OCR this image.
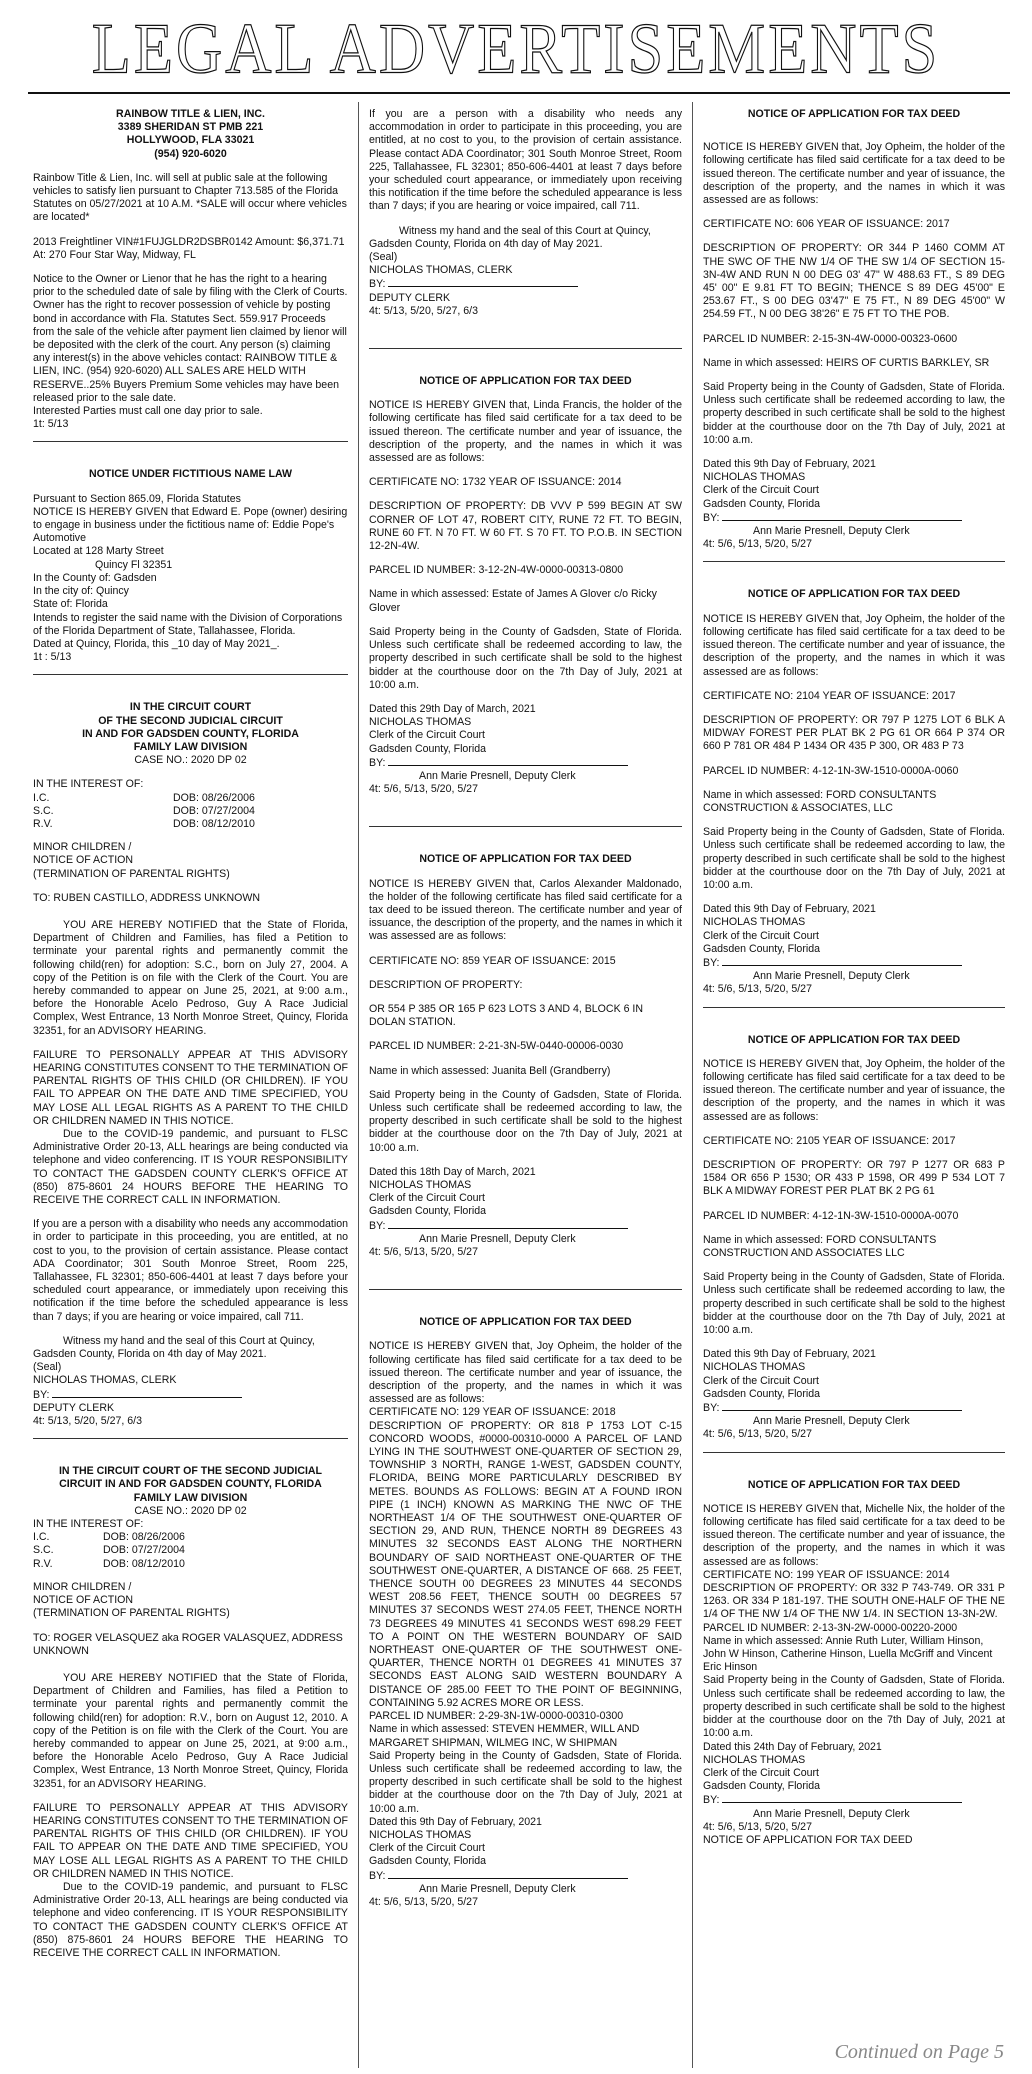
LEGAL ADVERTISEMENTS
RAINBOW TITLE & LIEN, INC.
3389 SHERIDAN ST PMB 221
HOLLYWOOD, FLA 33021
(954) 920-6020

Rainbow Title & Lien, Inc. will sell at public sale at the following vehicles to satisfy lien pursuant to Chapter 713.585 of the Florida Statutes on 05/27/2021 at 10 A.M. *SALE will occur where vehicles are located*

2013 Freightliner VIN#1FUJGLDR2DSBR0142 Amount: $6,371.71

At: 270 Four Star Way, Midway, FL

Notice to the Owner or Lienor that he has the right to a hearing prior to the scheduled date of sale by filing with the Clerk of Courts. Owner has the right to recover possession of vehicle by posting bond in accordance with Fla. Statutes Sect. 559.917 Proceeds from the sale of the vehicle after payment lien claimed by lienor will be deposited with the clerk of the court. Any person (s) claiming any interest(s) in the above vehicles contact: RAINBOW TITLE & LIEN, INC. (954) 920-6020) ALL SALES ARE HELD WITH RESERVE..25% Buyers Premium Some vehicles may have been released prior to the sale date.
Interested Parties must call one day prior to sale.
1t: 5/13
NOTICE UNDER FICTITIOUS NAME LAW
Pursuant to Section 865.09, Florida Statutes
NOTICE IS HEREBY GIVEN that Edward E. Pope (owner) desiring to engage in business under the fictitious name of: Eddie Pope's Automotive
Located at 128 Marty Street
Quincy Fl 32351
In the County of: Gadsden
In the city of: Quincy
State of: Florida
Intends to register the said name with the Division of Corporations of the Florida Department of State, Tallahassee, Florida.
Dated at Quincy, Florida, this _10 day of May 2021_.
1t : 5/13
IN THE CIRCUIT COURT
OF THE SECOND JUDICIAL CIRCUIT
IN AND FOR GADSDEN COUNTY, FLORIDA
FAMILY LAW DIVISION

CASE NO.: 2020 DP 02

IN THE INTEREST OF:
I.C.	DOB: 08/26/2006
S.C.	DOB: 07/27/2004
R.V.	DOB: 08/12/2010
MINOR CHILDREN /
NOTICE OF ACTION

(TERMINATION OF PARENTAL RIGHTS)

TO: RUBEN CASTILLO, ADDRESS UNKNOWN

YOU ARE HEREBY NOTIFIED that the State of Florida, Department of Children and Families, has filed a Petition to terminate your parental rights and permanently commit the following child(ren) for adoption: S.C., born on July 27, 2004. A copy of the Petition is on file with the Clerk of the Court. You are hereby commanded to appear on June 25, 2021, at 9:00 a.m., before the Honorable Acelo Pedroso, Guy A Race Judicial Complex, West Entrance, 13 North Monroe Street, Quincy, Florida 32351, for an ADVISORY HEARING.

FAILURE TO PERSONALLY APPEAR AT THIS ADVISORY HEARING CONSTITUTES CONSENT TO THE TERMINATION OF PARENTAL RIGHTS OF THIS CHILD (OR CHILDREN). IF YOU FAIL TO APPEAR ON THE DATE AND TIME SPECIFIED, YOU MAY LOSE ALL LEGAL RIGHTS AS A PARENT TO THE CHILD OR CHILDREN NAMED IN THIS NOTICE.

Due to the COVID-19 pandemic, and pursuant to FLSC Administrative Order 20-13, ALL hearings are being conducted via telephone and video conferencing. IT IS YOUR RESPONSIBILITY TO CONTACT THE GADSDEN COUNTY CLERK'S OFFICE AT (850) 875-8601 24 HOURS BEFORE THE HEARING TO RECEIVE THE CORRECT CALL IN INFORMATION.

If you are a person with a disability who needs any accommodation in order to participate in this proceeding, you are entitled, at no cost to you, to the provision of certain assistance. Please contact ADA Coordinator; 301 South Monroe Street, Room 225, Tallahassee, FL 32301; 850-606-4401 at least 7 days before your scheduled court appearance, or immediately upon receiving this notification if the time before the scheduled appearance is less than 7 days; if you are hearing or voice impaired, call 711.

Witness my hand and the seal of this Court at Quincy, Gadsden County, Florida on 4th day of May 2021.
(Seal)
NICHOLAS THOMAS, CLERK
BY:
DEPUTY CLERK
4t: 5/13, 5/20, 5/27, 6/3
IN THE CIRCUIT COURT OF THE SECOND JUDICIAL
CIRCUIT IN AND FOR GADSDEN COUNTY, FLORIDA
FAMILY LAW DIVISION
CASE NO.: 2020 DP 02
IN THE INTEREST OF:
I.C.	DOB: 08/26/2006
S.C.	DOB: 07/27/2004
R.V.	DOB: 08/12/2010
MINOR CHILDREN /
NOTICE OF ACTION

(TERMINATION OF PARENTAL RIGHTS)

TO: ROGER VELASQUEZ aka ROGER VALASQUEZ, ADDRESS UNKNOWN

YOU ARE HEREBY NOTIFIED that the State of Florida, Department of Children and Families, has filed a Petition to terminate your parental rights and permanently commit the following child(ren) for adoption: R.V., born on August 12, 2010. A copy of the Petition is on file with the Clerk of the Court. You are hereby commanded to appear on June 25, 2021, at 9:00 a.m., before the Honorable Acelo Pedroso, Guy A Race Judicial Complex, West Entrance, 13 North Monroe Street, Quincy, Florida 32351, for an ADVISORY HEARING.

FAILURE TO PERSONALLY APPEAR AT THIS ADVISORY HEARING CONSTITUTES CONSENT TO THE TERMINATION OF PARENTAL RIGHTS OF THIS CHILD (OR CHILDREN). IF YOU FAIL TO APPEAR ON THE DATE AND TIME SPECIFIED, YOU MAY LOSE ALL LEGAL RIGHTS AS A PARENT TO THE CHILD OR CHILDREN NAMED IN THIS NOTICE.

Due to the COVID-19 pandemic, and pursuant to FLSC Administrative Order 20-13, ALL hearings are being conducted via telephone and video conferencing. IT IS YOUR RESPONSIBILITY TO CONTACT THE GADSDEN COUNTY CLERK'S OFFICE AT (850) 875-8601 24 HOURS BEFORE THE HEARING TO RECEIVE THE CORRECT CALL IN INFORMATION.

If you are a person with a disability who needs any accommodation in order to participate in this proceeding, you are entitled, at no cost to you, to the provision of certain assistance. Please contact ADA Coordinator; 301 South Monroe Street, Room 225, Tallahassee, FL 32301; 850-606-4401 at least 7 days before your scheduled court appearance, or immediately upon receiving this notification if the time before the scheduled appearance is less than 7 days; if you are hearing or voice impaired, call 711.

Witness my hand and the seal of this Court at Quincy, Gadsden County, Florida on 4th day of May 2021.
(Seal)
NICHOLAS THOMAS, CLERK
BY:
DEPUTY CLERK
4t: 5/13, 5/20, 5/27, 6/3
NOTICE OF APPLICATION FOR TAX DEED

NOTICE IS HEREBY GIVEN that, Linda Francis, the holder of the following certificate has filed said certificate for a tax deed to be issued thereon. The certificate number and year of issuance, the description of the property, and the names in which it was assessed are as follows:

CERTIFICATE NO: 1732 YEAR OF ISSUANCE: 2014

DESCRIPTION OF PROPERTY: DB VVV P 599 BEGIN AT SW CORNER OF LOT 47, ROBERT CITY, RUNE 72 FT. TO BEGIN, RUNE 60 FT. N 70 FT. W 60 FT. S 70 FT. TO P.O.B. IN SECTION 12-2N-4W.

PARCEL ID NUMBER: 3-12-2N-4W-0000-00313-0800

Name in which assessed: Estate of James A Glover c/o Ricky Glover

Said Property being in the County of Gadsden, State of Florida. Unless such certificate shall be redeemed according to law, the property described in such certificate shall be sold to the highest bidder at the courthouse door on the 7th Day of July, 2021 at 10:00 a.m.

Dated this 29th Day of March, 2021
NICHOLAS THOMAS
Clerk of the Circuit Court
Gadsden County, Florida
BY:
Ann Marie Presnell, Deputy Clerk
4t: 5/6, 5/13, 5/20, 5/27
NOTICE OF APPLICATION FOR TAX DEED

NOTICE IS HEREBY GIVEN that, Carlos Alexander Maldonado, the holder of the following certificate has filed said certificate for a tax deed to be issued thereon. The certificate number and year of issuance, the description of the property, and the names in which it was assessed are as follows:

CERTIFICATE NO: 859 YEAR OF ISSUANCE: 2015

DESCRIPTION OF PROPERTY:

OR 554 P 385 OR 165 P 623 LOTS 3 AND 4, BLOCK 6 IN DOLAN STATION.

PARCEL ID NUMBER: 2-21-3N-5W-0440-00006-0030

Name in which assessed: Juanita Bell (Grandberry)

Said Property being in the County of Gadsden, State of Florida. Unless such certificate shall be redeemed according to law, the property described in such certificate shall be sold to the highest bidder at the courthouse door on the 7th Day of July, 2021 at 10:00 a.m.

Dated this 18th Day of March, 2021
NICHOLAS THOMAS
Clerk of the Circuit Court
Gadsden County, Florida
BY:
Ann Marie Presnell, Deputy Clerk
4t: 5/6, 5/13, 5/20, 5/27
NOTICE OF APPLICATION FOR TAX DEED
NOTICE IS HEREBY GIVEN that, Joy Opheim, the holder of the following certificate has filed said certificate for a tax deed to be issued thereon. The certificate number and year of issuance, the description of the property, and the names in which it was assessed are as follows:
CERTIFICATE NO: 129 YEAR OF ISSUANCE: 2018
DESCRIPTION OF PROPERTY: OR 818 P 1753 LOT C-15 CONCORD WOODS, #0000-00310-0000 A PARCEL OF LAND LYING IN THE SOUTHWEST ONE-QUARTER OF SECTION 29, TOWNSHIP 3 NORTH, RANGE 1-WEST, GADSDEN COUNTY, FLORIDA, BEING MORE PARTICULARLY DESCRIBED BY METES. BOUNDS AS FOLLOWS: BEGIN AT A FOUND IRON PIPE (1 INCH) KNOWN AS MARKING THE NWC OF THE NORTHEAST 1/4 OF THE SOUTHWEST ONE-QUARTER OF SECTION 29, AND RUN, THENCE NORTH 89 DEGREES 43 MINUTES 32 SECONDS EAST ALONG THE NORTHERN BOUNDARY OF SAID NORTHEAST ONE-QUARTER OF THE SOUTHWEST ONE-QUARTER, A DISTANCE OF 668. 25 FEET, THENCE SOUTH 00 DEGREES 23 MINUTES 44 SECONDS WEST 208.56 FEET, THENCE SOUTH 00 DEGREES 57 MINUTES 37 SECONDS WEST 274.05 FEET, THENCE NORTH 73 DEGREES 49 MINUTES 41 SECONDS WEST 698.29 FEET TO A POINT ON THE WESTERN BOUNDARY OF SAID NORTHEAST ONE-QUARTER OF THE SOUTHWEST ONE-QUARTER, THENCE NORTH 01 DEGREES 41 MINUTES 37 SECONDS EAST ALONG SAID WESTERN BOUNDARY A DISTANCE OF 285.00 FEET TO THE POINT OF BEGINNING, CONTAINING 5.92 ACRES MORE OR LESS.
PARCEL ID NUMBER: 2-29-3N-1W-0000-00310-0300
Name in which assessed: STEVEN HEMMER, WILL AND MARGARET SHIPMAN, WILMEG INC, W SHIPMAN
Said Property being in the County of Gadsden, State of Florida. Unless such certificate shall be redeemed according to law, the property described in such certificate shall be sold to the highest bidder at the courthouse door on the 7th Day of July, 2021 at 10:00 a.m.
Dated this 9th Day of February, 2021
NICHOLAS THOMAS
Clerk of the Circuit Court
Gadsden County, Florida
BY:
Ann Marie Presnell, Deputy Clerk
4t: 5/6, 5/13, 5/20, 5/27
NOTICE OF APPLICATION FOR TAX DEED

NOTICE IS HEREBY GIVEN that, Joy Opheim, the holder of the following certificate has filed said certificate for a tax deed to be issued thereon. The certificate number and year of issuance, the description of the property, and the names in which it was assessed are as follows:

CERTIFICATE NO: 606 YEAR OF ISSUANCE: 2017

DESCRIPTION OF PROPERTY: OR 344 P 1460 COMM AT THE SWC OF THE NW 1/4 OF THE SW 1/4 OF SECTION 15-3N-4W AND RUN N 00 DEG 03' 47" W 488.63 FT., S 89 DEG 45' 00" E 9.81 FT TO BEGIN; THENCE S 89 DEG 45'00" E 253.67 FT., S 00 DEG 03'47" E 75 FT., N 89 DEG 45'00" W 254.59 FT., N 00 DEG 38'26" E 75 FT TO THE POB.

PARCEL ID NUMBER: 2-15-3N-4W-0000-00323-0600

Name in which assessed: HEIRS OF CURTIS BARKLEY, SR

Said Property being in the County of Gadsden, State of Florida. Unless such certificate shall be redeemed according to law, the property described in such certificate shall be sold to the highest bidder at the courthouse door on the 7th Day of July, 2021 at 10:00 a.m.

Dated this 9th Day of February, 2021
NICHOLAS THOMAS
Clerk of the Circuit Court
Gadsden County, Florida
BY:
Ann Marie Presnell, Deputy Clerk
4t: 5/6, 5/13, 5/20, 5/27
NOTICE OF APPLICATION FOR TAX DEED

NOTICE IS HEREBY GIVEN that, Joy Opheim, the holder of the following certificate has filed said certificate for a tax deed to be issued thereon. The certificate number and year of issuance, the description of the property, and the names in which it was assessed are as follows:

CERTIFICATE NO: 2104 YEAR OF ISSUANCE: 2017

DESCRIPTION OF PROPERTY: OR 797 P 1275 LOT 6 BLK A MIDWAY FOREST PER PLAT BK 2 PG 61 OR 664 P 374 OR 660 P 781 OR 484 P 1434 OR 435 P 300, OR 483 P 73

PARCEL ID NUMBER: 4-12-1N-3W-1510-0000A-0060

Name in which assessed: FORD CONSULTANTS CONSTRUCTION & ASSOCIATES, LLC

Said Property being in the County of Gadsden, State of Florida. Unless such certificate shall be redeemed according to law, the property described in such certificate shall be sold to the highest bidder at the courthouse door on the 7th Day of July, 2021 at 10:00 a.m.

Dated this 9th Day of February, 2021
NICHOLAS THOMAS
Clerk of the Circuit Court
Gadsden County, Florida
BY:
Ann Marie Presnell, Deputy Clerk
4t: 5/6, 5/13, 5/20, 5/27
NOTICE OF APPLICATION FOR TAX DEED

NOTICE IS HEREBY GIVEN that, Joy Opheim, the holder of the following certificate has filed said certificate for a tax deed to be issued thereon. The certificate number and year of issuance, the description of the property, and the names in which it was assessed are as follows:

CERTIFICATE NO: 2105 YEAR OF ISSUANCE: 2017

DESCRIPTION OF PROPERTY: OR 797 P 1277 OR 683 P 1584 OR 656 P 1530; OR 433 P 1598, OR 499 P 534 LOT 7 BLK A MIDWAY FOREST PER PLAT BK 2 PG 61

PARCEL ID NUMBER: 4-12-1N-3W-1510-0000A-0070

Name in which assessed: FORD CONSULTANTS CONSTRUCTION AND ASSOCIATES LLC

Said Property being in the County of Gadsden, State of Florida. Unless such certificate shall be redeemed according to law, the property described in such certificate shall be sold to the highest bidder at the courthouse door on the 7th Day of July, 2021 at 10:00 a.m.

Dated this 9th Day of February, 2021
NICHOLAS THOMAS
Clerk of the Circuit Court
Gadsden County, Florida
BY:
Ann Marie Presnell, Deputy Clerk
4t: 5/6, 5/13, 5/20, 5/27
NOTICE OF APPLICATION FOR TAX DEED
NOTICE IS HEREBY GIVEN that, Michelle Nix, the holder of the following certificate has filed said certificate for a tax deed to be issued thereon. The certificate number and year of issuance, the description of the property, and the names in which it was assessed are as follows:
CERTIFICATE NO: 199 YEAR OF ISSUANCE: 2014
DESCRIPTION OF PROPERTY: OR 332 P 743-749. OR 331 P 1263. OR 334 P 181-197. THE SOUTH ONE-HALF OF THE NE 1/4 OF THE NW 1/4 OF THE NW 1/4. IN SECTION 13-3N-2W.
PARCEL ID NUMBER: 2-13-3N-2W-0000-00220-2000
Name in which assessed: Annie Ruth Luter, William Hinson, John W Hinson, Catherine Hinson, Luella McGriff and Vincent Eric Hinson
Said Property being in the County of Gadsden, State of Florida. Unless such certificate shall be redeemed according to law, the property described in such certificate shall be sold to the highest bidder at the courthouse door on the 7th Day of July, 2021 at 10:00 a.m.
Dated this 24th Day of February, 2021
NICHOLAS THOMAS
Clerk of the Circuit Court
Gadsden County, Florida
BY:
Ann Marie Presnell, Deputy Clerk
4t: 5/6, 5/13, 5/20, 5/27
NOTICE OF APPLICATION FOR TAX DEED
Continued on Page 5
